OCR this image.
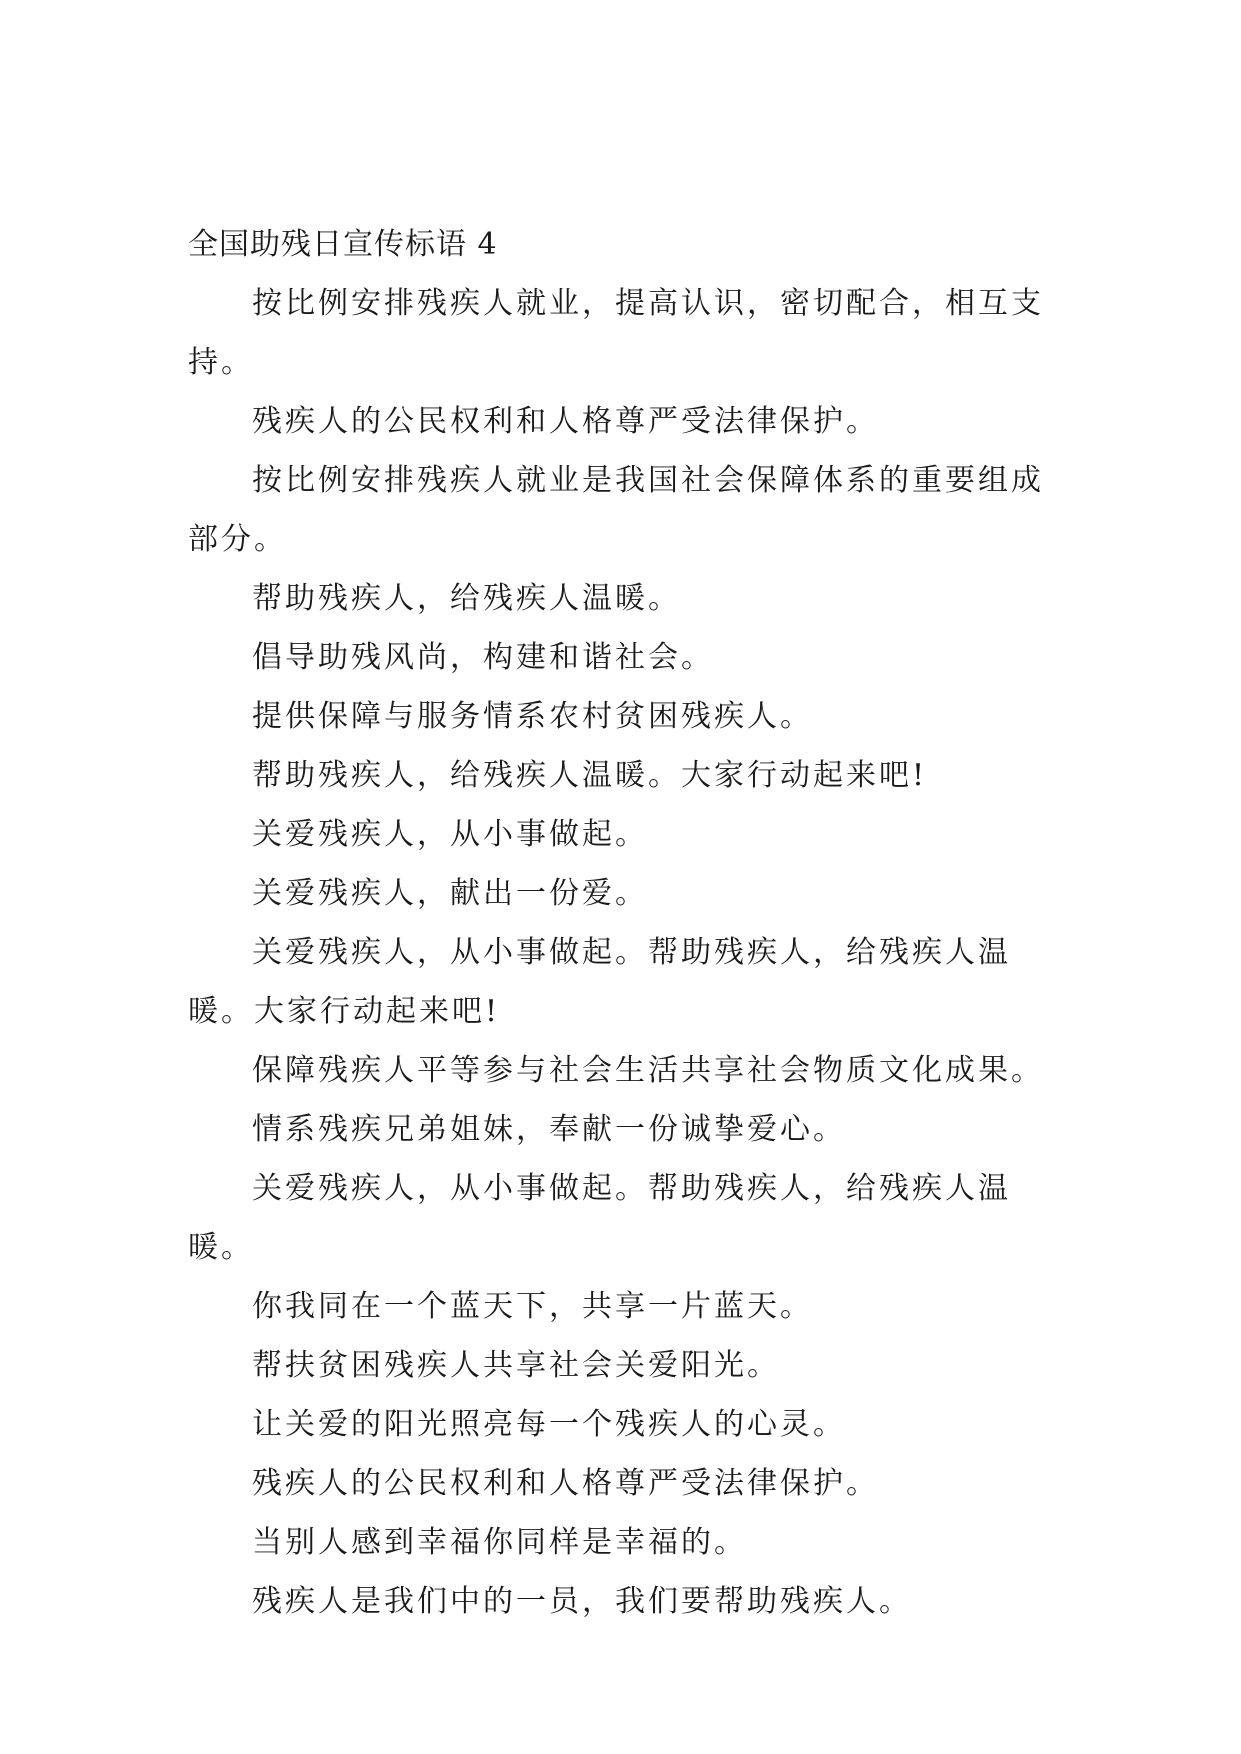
全国助残日宣传标语 4

按比例安排残疾人就业，提高认识，密切配合，相互支持。

残疾人的公民权利和人格尊严受法律保护。

按比例安排残疾人就业是我国社会保障体系的重要组成部分。

帮助残疾人，给残疾人温暖。

倡导助残风尚，构建和谐社会。

提供保障与服务情系农村贫困残疾人。

帮助残疾人，给残疾人温暖。大家行动起来吧!

关爱残疾人，从小事做起。

关爱残疾人，献出一份爱。

关爱残疾人，从小事做起。帮助残疾人，给残疾人温暖。大家行动起来吧!

保障残疾人平等参与社会生活共享社会物质文化成果。

情系残疾兄弟姐妹，奉献一份诚挚爱心。

关爱残疾人，从小事做起。帮助残疾人，给残疾人温暖。

你我同在一个蓝天下，共享一片蓝天。

帮扶贫困残疾人共享社会关爱阳光。

让关爱的阳光照亮每一个残疾人的心灵。

残疾人的公民权利和人格尊严受法律保护。

当别人感到幸福你同样是幸福的。

残疾人是我们中的一员，我们要帮助残疾人。
